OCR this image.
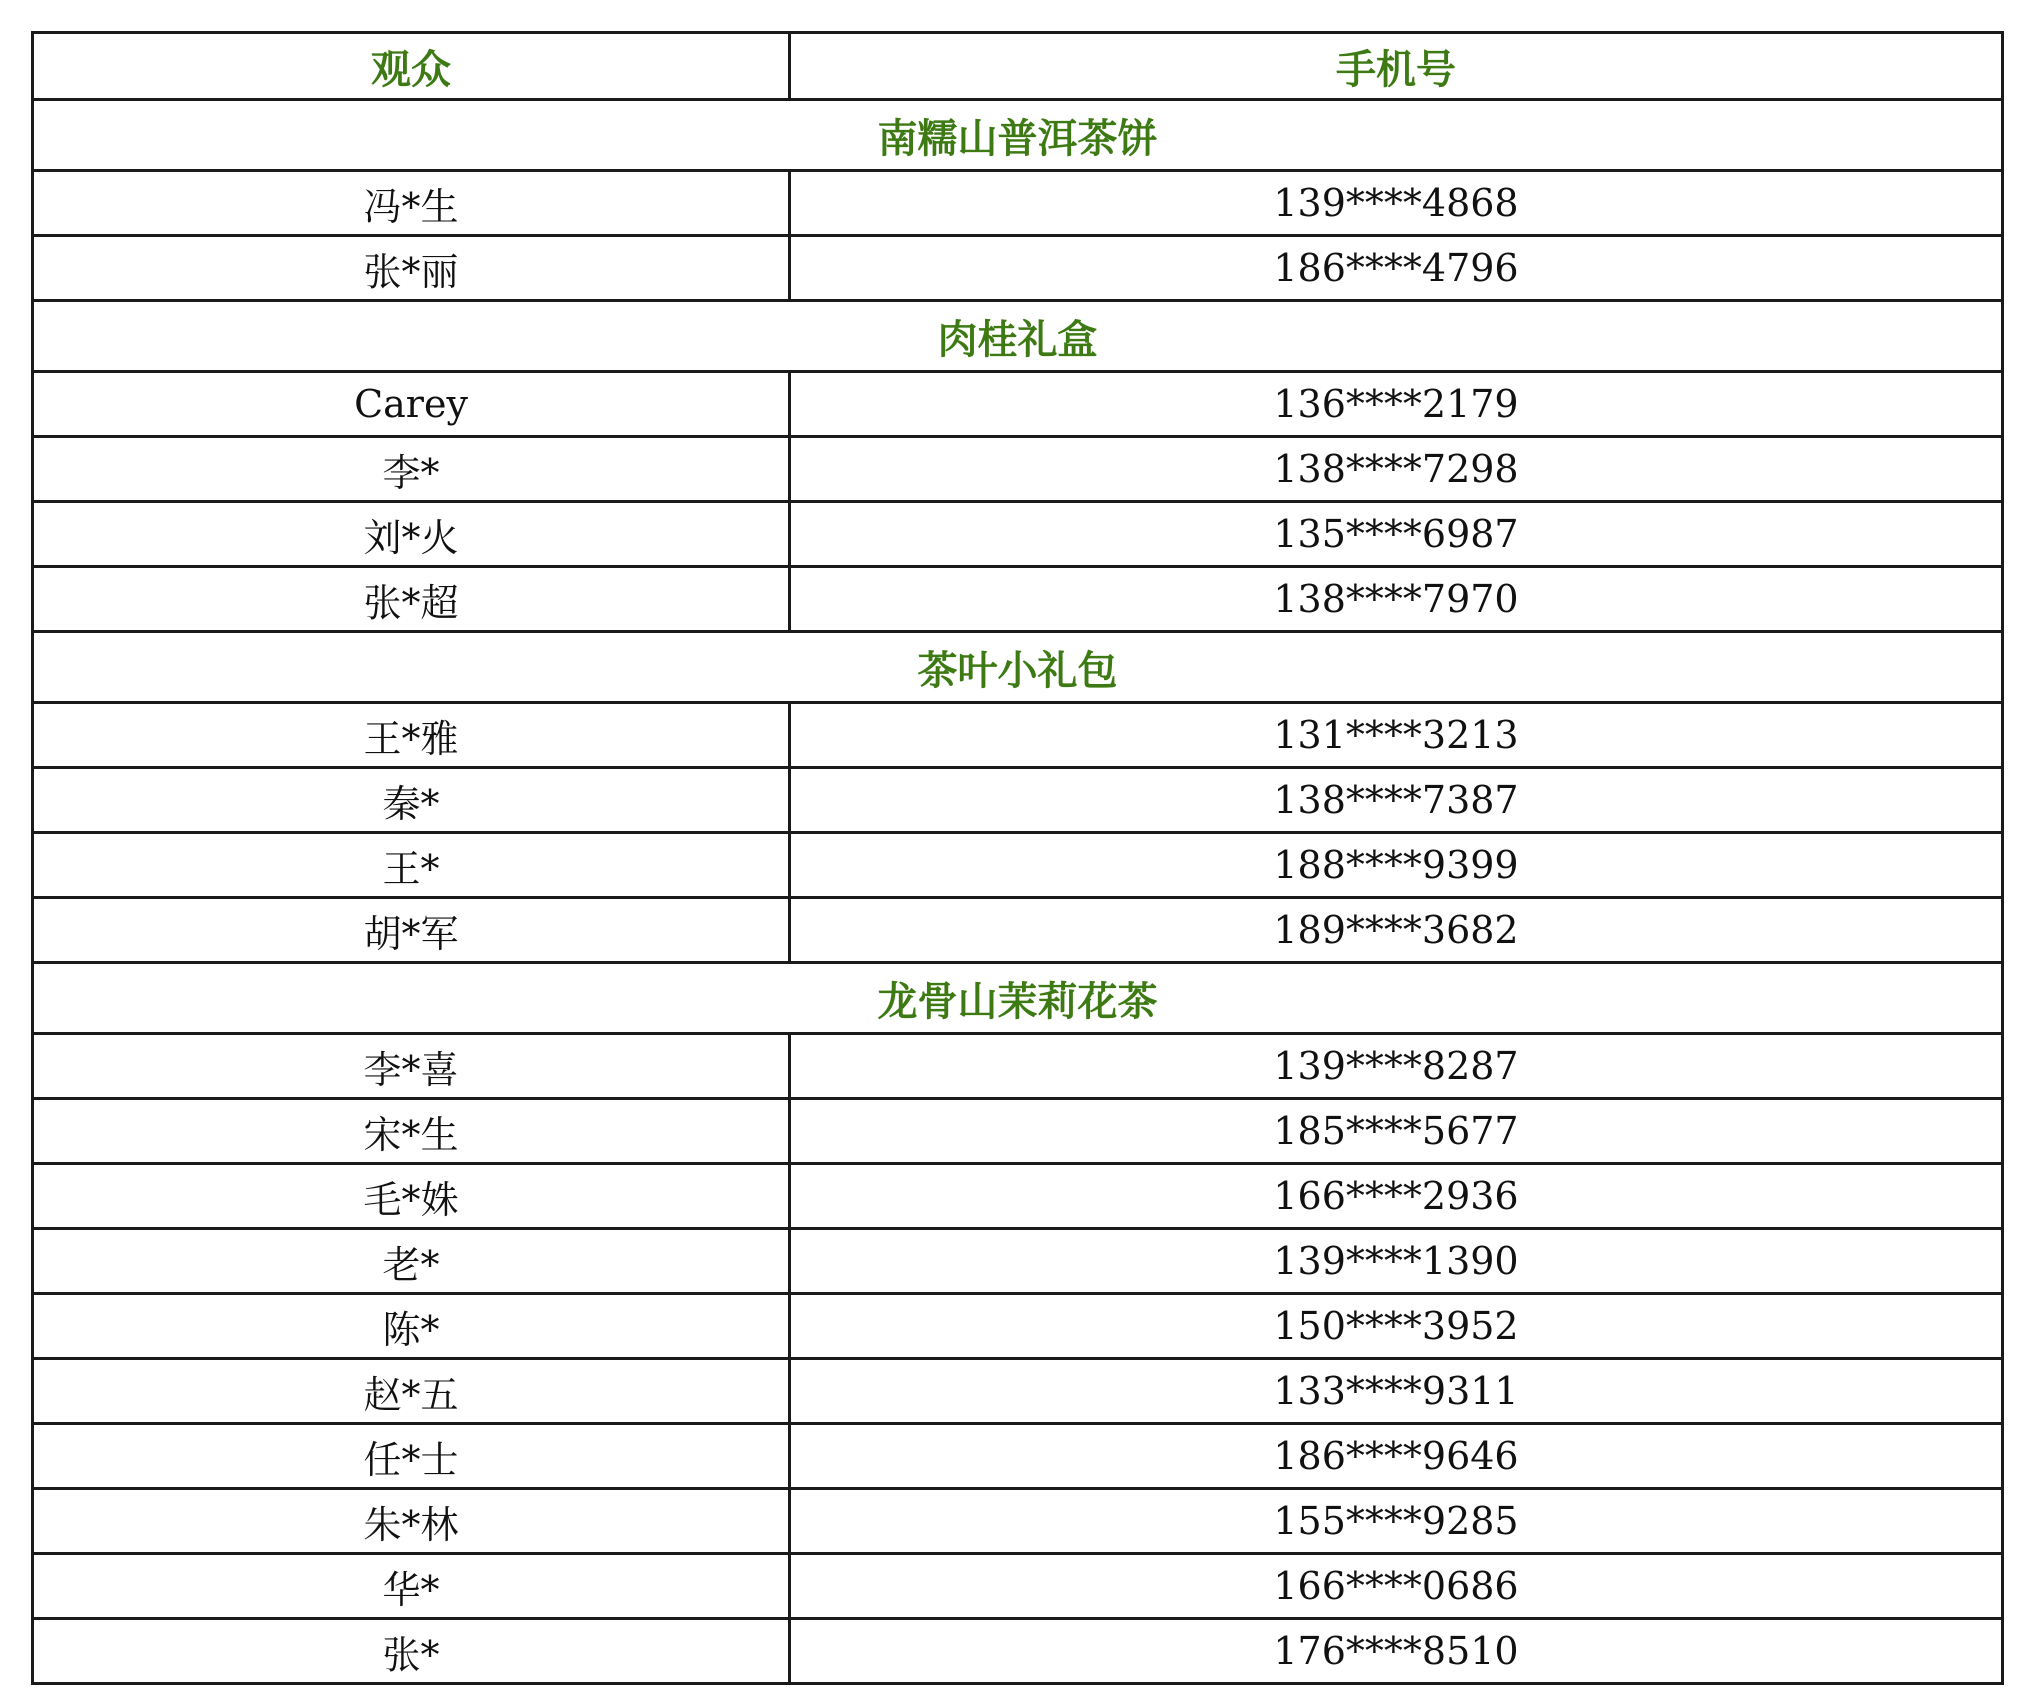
观众	手机号
南糯山普洱茶饼	
冯*生	139****4868
张*丽	186****4796
肉桂礼盒	
Carey	136****2179
李*	138****7298
刘*火	135****6987
张*超	138****7970
茶叶小礼包	
王*雅	131****3213
秦*	138****7387
王*	188****9399
胡*军	189****3682
龙骨山茉莉花茶	
李*喜	139****8287
宋*生	185****5677
毛*姝	166****2936
老*	139****1390
陈*	150****3952
赵*五	133****9311
任*士	186****9646
朱*林	155****9285
华*	166****0686
张*	176****8510
